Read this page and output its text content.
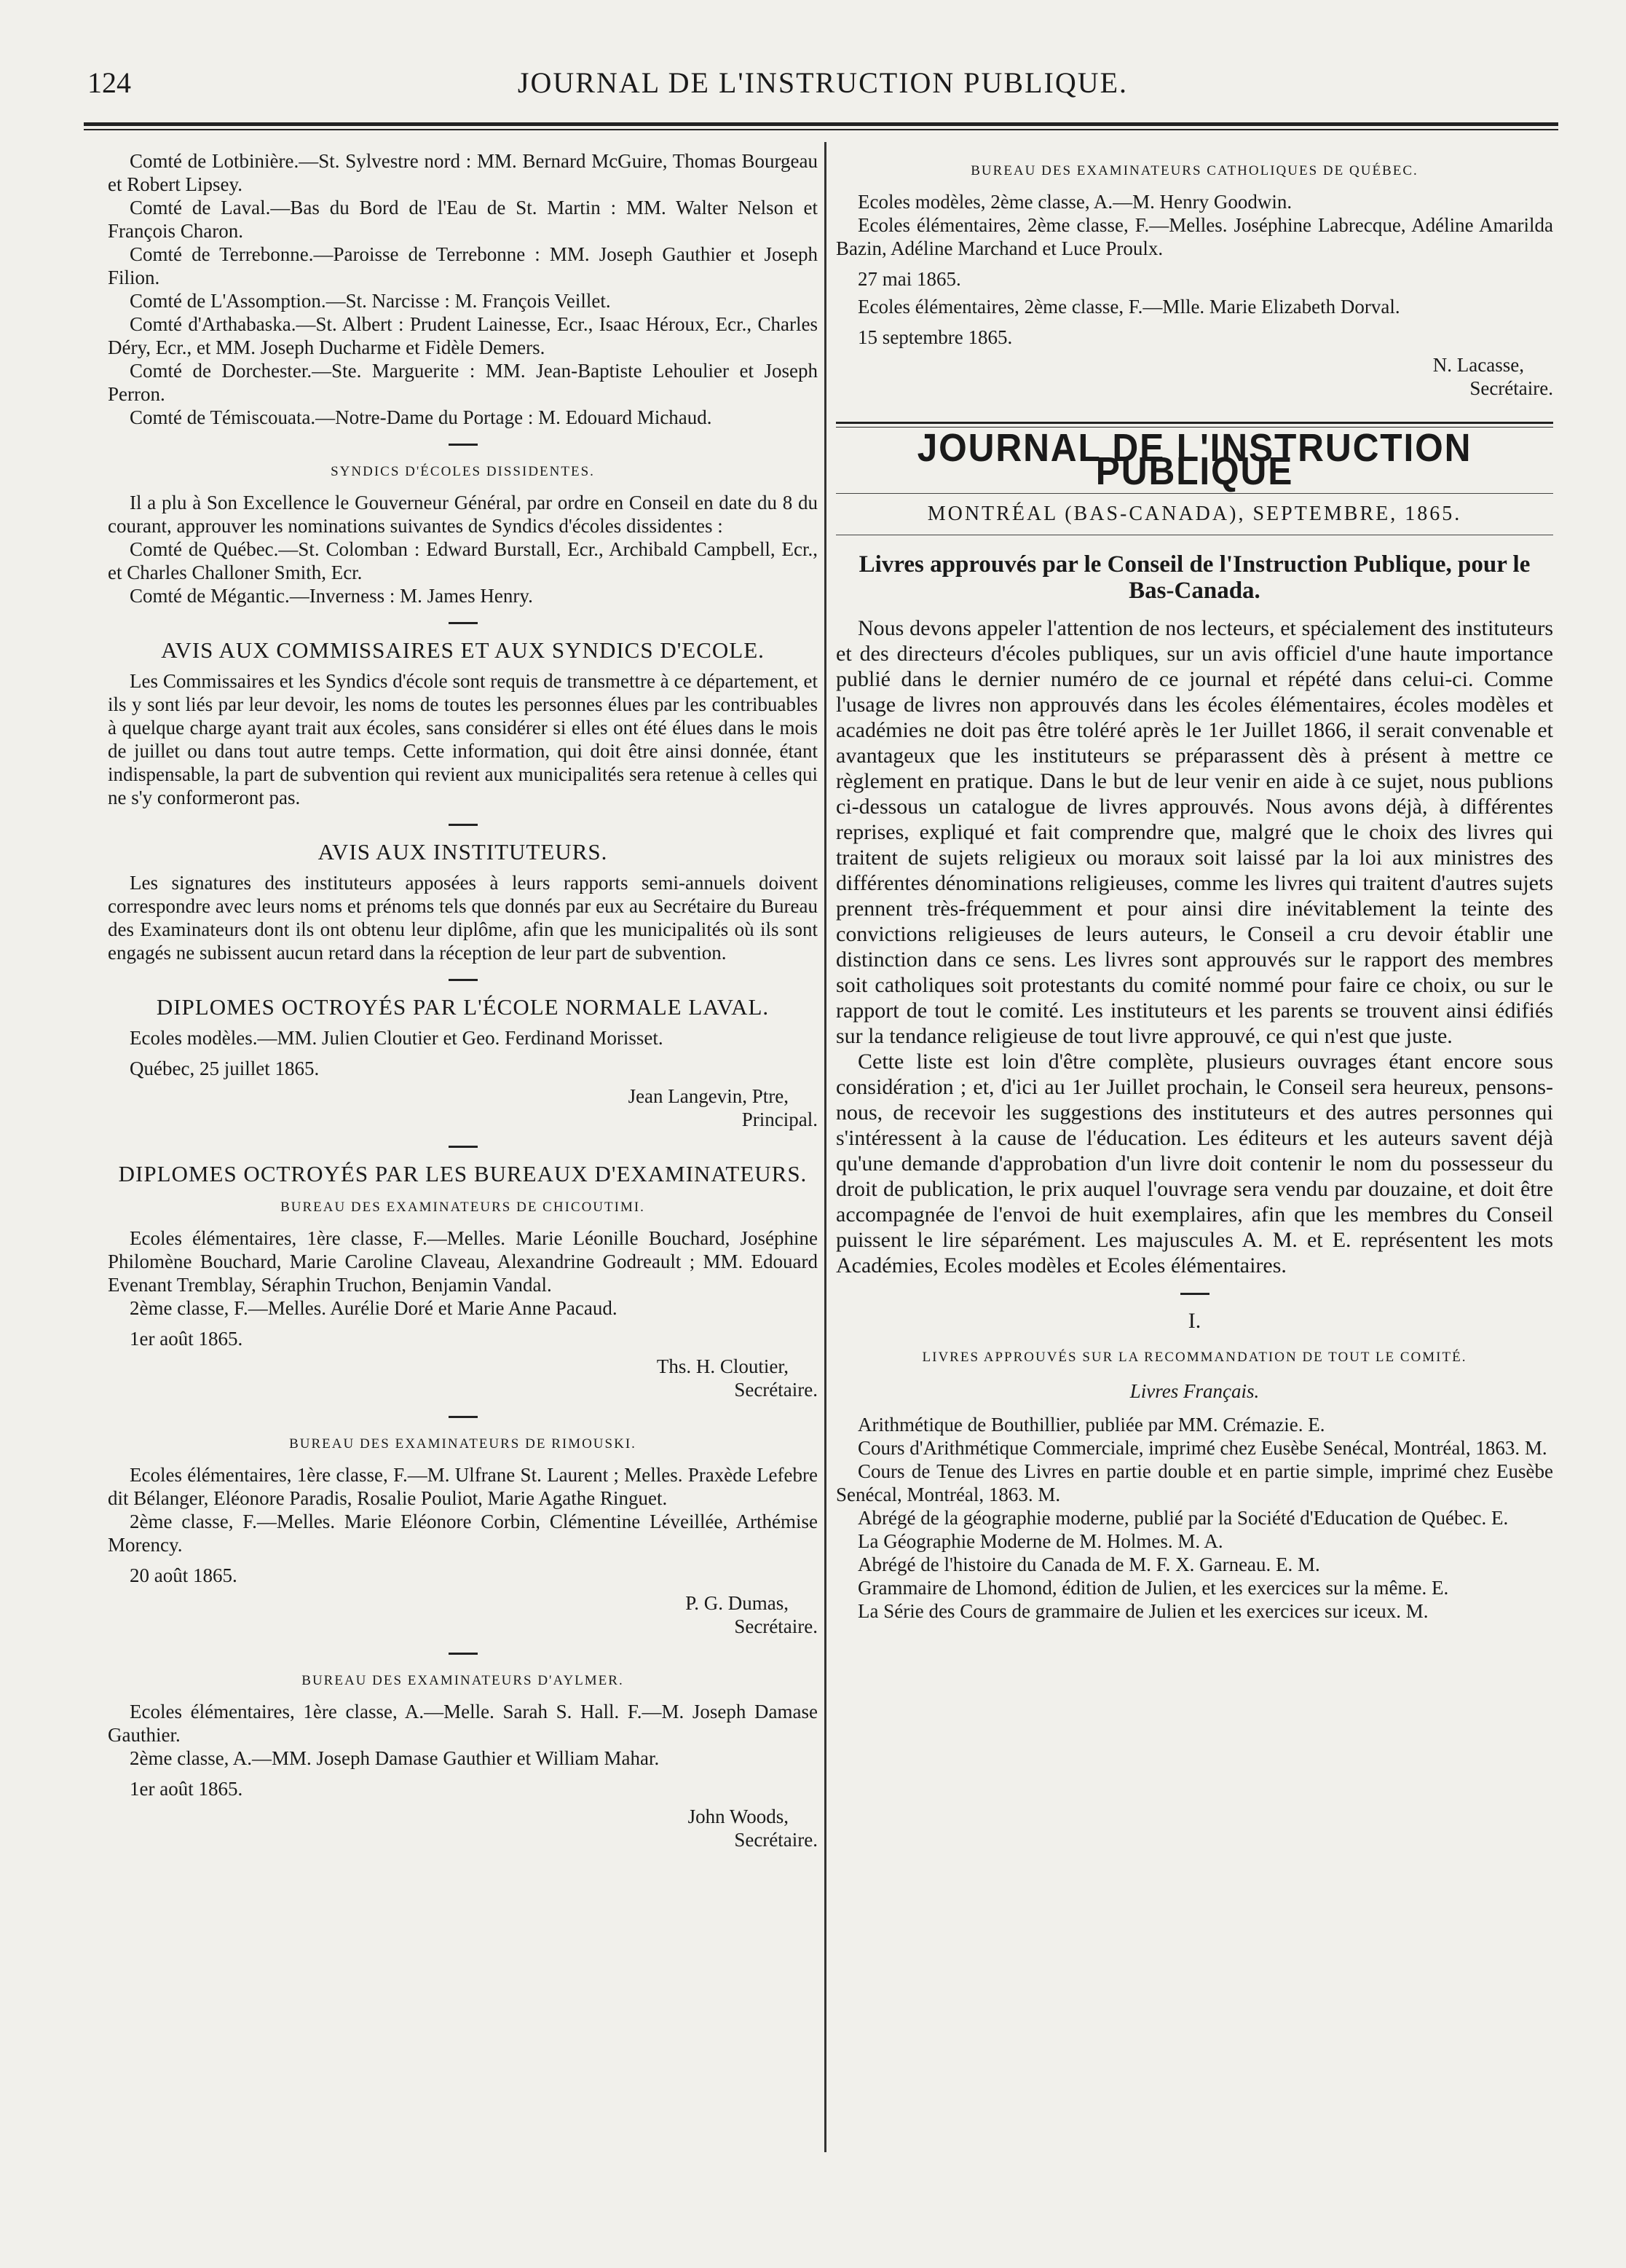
124	JOURNAL DE L'INSTRUCTION PUBLIQUE.

Comté de Lotbinière.—St. Sylvestre nord : MM. Bernard McGuire, Thomas Bourgeau et Robert Lipsey.

Comté de Laval.—Bas du Bord de l'Eau de St. Martin : MM. Walter Nelson et François Charon.

Comté de Terrebonne.—Paroisse de Terrebonne : MM. Joseph Gauthier et Joseph Filion.

Comté de L'Assomption.—St. Narcisse : M. François Veillet.

Comté d'Arthabaska.—St. Albert : Prudent Lainesse, Ecr., Isaac Héroux, Ecr., Charles Déry, Ecr., et MM. Joseph Ducharme et Fidèle Demers.

Comté de Dorchester.—Ste. Marguerite : MM. Jean-Baptiste Lehoulier et Joseph Perron.

Comté de Témiscouata.—Notre-Dame du Portage : M. Edouard Michaud.

SYNDICS D'ÉCOLES DISSIDENTES.

Il a plu à Son Excellence le Gouverneur Général, par ordre en Conseil en date du 8 du courant, approuver les nominations suivantes de Syndics d'écoles dissidentes :

Comté de Québec.—St. Colomban : Edward Burstall, Ecr., Archibald Campbell, Ecr., et Charles Challoner Smith, Ecr.

Comté de Mégantic.—Inverness : M. James Henry.

AVIS AUX COMMISSAIRES ET AUX SYNDICS D'ECOLE.

Les Commissaires et les Syndics d'école sont requis de transmettre à ce département, et ils y sont liés par leur devoir, les noms de toutes les personnes élues par les contribuables à quelque charge ayant trait aux écoles, sans considérer si elles ont été élues dans le mois de juillet ou dans tout autre temps. Cette information, qui doit être ainsi donnée, étant indispensable, la part de subvention qui revient aux municipalités sera retenue à celles qui ne s'y conformeront pas.

AVIS AUX INSTITUTEURS.

Les signatures des instituteurs apposées à leurs rapports semi-annuels doivent correspondre avec leurs noms et prénoms tels que donnés par eux au Secrétaire du Bureau des Examinateurs dont ils ont obtenu leur diplôme, afin que les municipalités où ils sont engagés ne subissent aucun retard dans la réception de leur part de subvention.

DIPLOMES OCTROYÉS PAR L'ÉCOLE NORMALE LAVAL.

Ecoles modèles.—MM. Julien Cloutier et Geo. Ferdinand Morisset.

Québec, 25 juillet 1865.
Jean Langevin, Ptre,
Principal.
DIPLOMES OCTROYÉS PAR LES BUREAUX D'EXAMINATEURS.
BUREAU DES EXAMINATEURS DE CHICOUTIMI.

Ecoles élémentaires, 1ère classe, F.—Melles. Marie Léonille Bouchard, Joséphine Philomène Bouchard, Marie Caroline Claveau, Alexandrine Godreault ; MM. Edouard Evenant Tremblay, Séraphin Truchon, Benjamin Vandal.

2ème classe, F.—Melles. Aurélie Doré et Marie Anne Pacaud.

1er août 1865.
Ths. H. Cloutier,
Secrétaire.
BUREAU DES EXAMINATEURS DE RIMOUSKI.

Ecoles élémentaires, 1ère classe, F.—M. Ulfrane St. Laurent ; Melles. Praxède Lefebre dit Bélanger, Eléonore Paradis, Rosalie Pouliot, Marie Agathe Ringuet.

2ème classe, F.—Melles. Marie Eléonore Corbin, Clémentine Léveillée, Arthémise Morency.

20 août 1865.
P. G. Dumas,
Secrétaire.
BUREAU DES EXAMINATEURS D'AYLMER.

Ecoles élémentaires, 1ère classe, A.—Melle. Sarah S. Hall. F.—M. Joseph Damase Gauthier.

2ème classe, A.—MM. Joseph Damase Gauthier et William Mahar.

1er août 1865.
John Woods,
Secrétaire.
BUREAU DES EXAMINATEURS CATHOLIQUES DE QUÉBEC.

Ecoles modèles, 2ème classe, A.—M. Henry Goodwin.

Ecoles élémentaires, 2ème classe, F.—Melles. Joséphine Labrecque, Adéline Amarilda Bazin, Adéline Marchand et Luce Proulx.

27 mai 1865.

Ecoles élémentaires, 2ème classe, F.—Mlle. Marie Elizabeth Dorval.

15 septembre 1865.
N. Lacasse,
Secrétaire.
JOURNAL DE L'INSTRUCTION PUBLIQUE
MONTRÉAL (BAS-CANADA), SEPTEMBRE, 1865.
Livres approuvés par le Conseil de l'Instruction Publique, pour le Bas-Canada.

Nous devons appeler l'attention de nos lecteurs, et spécialement des instituteurs et des directeurs d'écoles publiques, sur un avis officiel d'une haute importance publié dans le dernier numéro de ce journal et répété dans celui-ci. Comme l'usage de livres non approuvés dans les écoles élémentaires, écoles modèles et académies ne doit pas être toléré après le 1er Juillet 1866, il serait convenable et avantageux que les instituteurs se préparassent dès à présent à mettre ce règlement en pratique. Dans le but de leur venir en aide à ce sujet, nous publions ci-dessous un catalogue de livres approuvés. Nous avons déjà, à différentes reprises, expliqué et fait comprendre que, malgré que le choix des livres qui traitent de sujets religieux ou moraux soit laissé par la loi aux ministres des différentes dénominations religieuses, comme les livres qui traitent d'autres sujets prennent très-fréquemment et pour ainsi dire inévitablement la teinte des convictions religieuses de leurs auteurs, le Conseil a cru devoir établir une distinction dans ce sens. Les livres sont approuvés sur le rapport des membres soit catholiques soit protestants du comité nommé pour faire ce choix, ou sur le rapport de tout le comité. Les instituteurs et les parents se trouvent ainsi édifiés sur la tendance religieuse de tout livre approuvé, ce qui n'est que juste.

Cette liste est loin d'être complète, plusieurs ouvrages étant encore sous considération ; et, d'ici au 1er Juillet prochain, le Conseil sera heureux, pensons-nous, de recevoir les suggestions des instituteurs et des autres personnes qui s'intéressent à la cause de l'éducation. Les éditeurs et les auteurs savent déjà qu'une demande d'approbation d'un livre doit contenir le nom du possesseur du droit de publication, le prix auquel l'ouvrage sera vendu par douzaine, et doit être accompagnée de l'envoi de huit exemplaires, afin que les membres du Conseil puissent le lire séparément. Les majuscules A. M. et E. représentent les mots Académies, Ecoles modèles et Ecoles élémentaires.

I.
LIVRES APPROUVÉS SUR LA RECOMMANDATION DE TOUT LE COMITÉ.
Livres Français.

Arithmétique de Bouthillier, publiée par MM. Crémazie. E.

Cours d'Arithmétique Commerciale, imprimé chez Eusèbe Senécal, Montréal, 1863. M.

Cours de Tenue des Livres en partie double et en partie simple, imprimé chez Eusèbe Senécal, Montréal, 1863. M.

Abrégé de la géographie moderne, publié par la Société d'Education de Québec. E.

La Géographie Moderne de M. Holmes. M. A.

Abrégé de l'histoire du Canada de M. F. X. Garneau. E. M.

Grammaire de Lhomond, édition de Julien, et les exercices sur la même. E.

La Série des Cours de grammaire de Julien et les exercices sur iceux. M.
